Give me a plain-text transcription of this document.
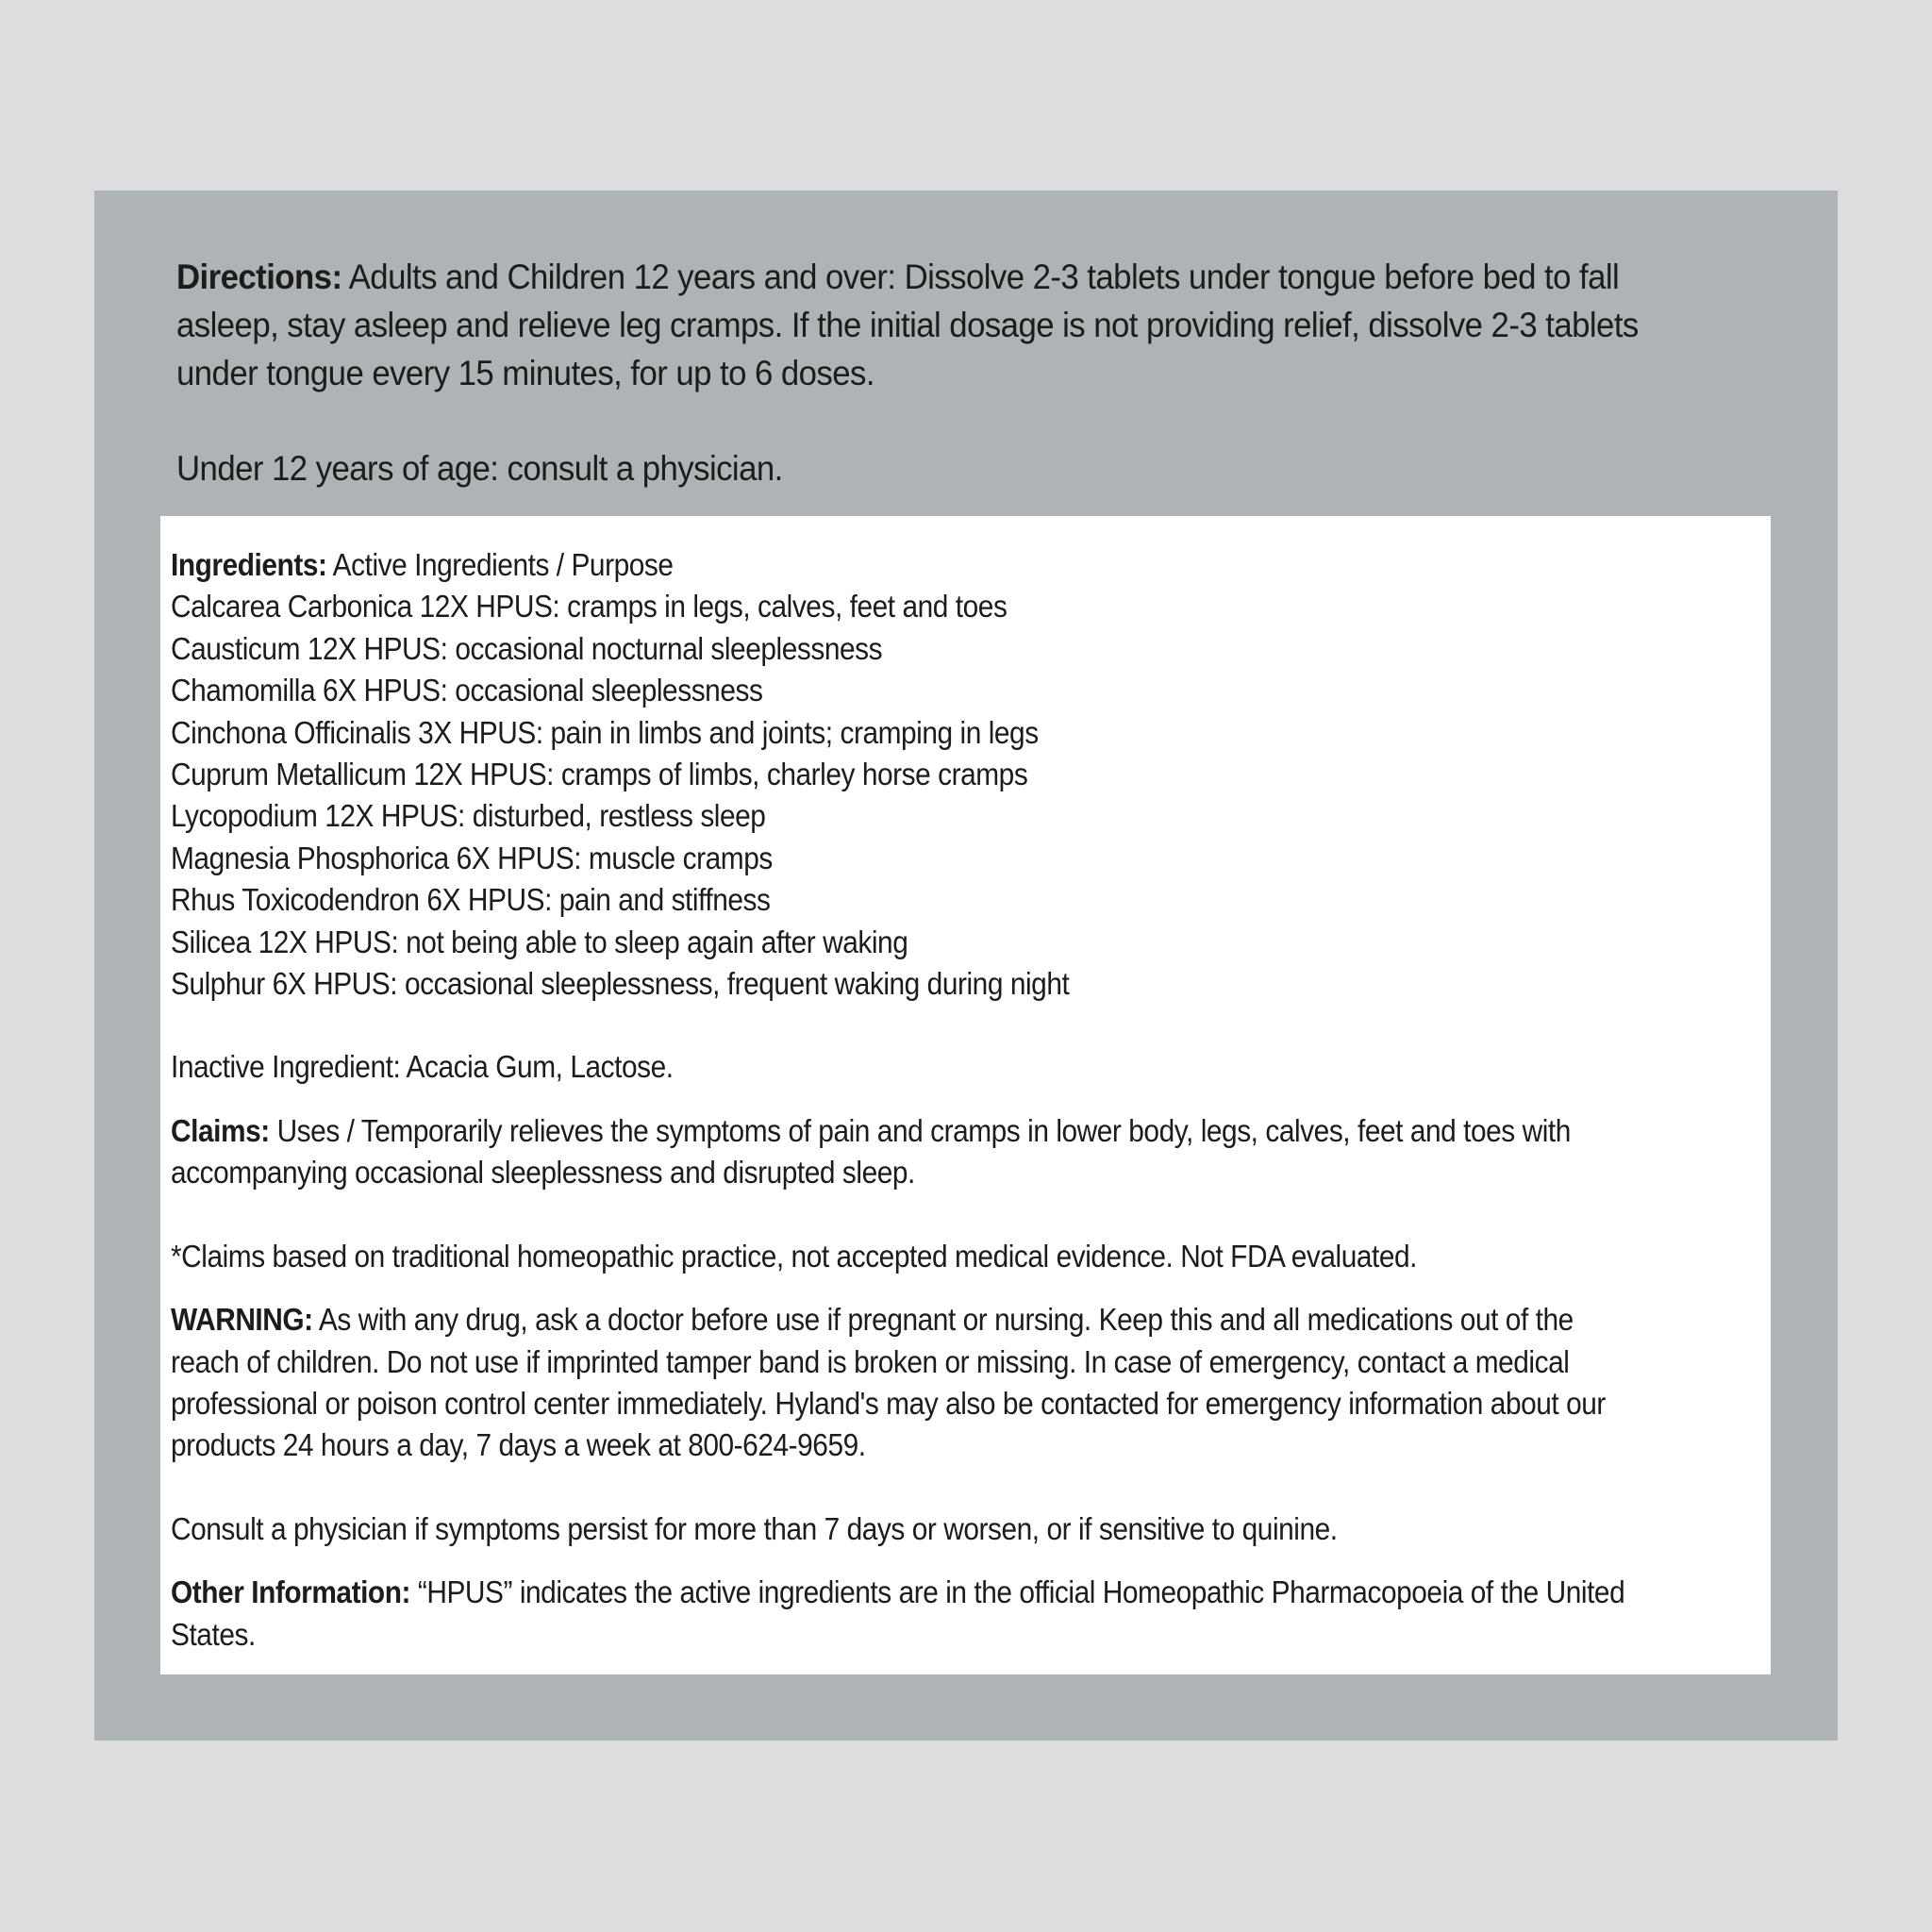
Directions: Adults and Children 12 years and over: Dissolve 2-3 tablets under tongue before bed to fall asleep, stay asleep and relieve leg cramps. If the initial dosage is not providing relief, dissolve 2-3 tablets under tongue every 15 minutes, for up to 6 doses.

Under 12 years of age: consult a physician.

Ingredients: Active Ingredients / Purpose

Calcarea Carbonica 12X HPUS: cramps in legs, calves, feet and toes
Causticum 12X HPUS: occasional nocturnal sleeplessness
Chamomilla 6X HPUS: occasional sleeplessness
Cinchona Officinalis 3X HPUS: pain in limbs and joints; cramping in legs
Cuprum Metallicum 12X HPUS: cramps of limbs, charley horse cramps
Lycopodium 12X HPUS: disturbed, restless sleep
Magnesia Phosphorica 6X HPUS: muscle cramps
Rhus Toxicodendron 6X HPUS: pain and stiffness
Silicea 12X HPUS: not being able to sleep again after waking
Sulphur 6X HPUS: occasional sleeplessness, frequent waking during night

Inactive Ingredient: Acacia Gum, Lactose.

Claims: Uses / Temporarily relieves the symptoms of pain and cramps in lower body, legs, calves, feet and toes with accompanying occasional sleeplessness and disrupted sleep.

*Claims based on traditional homeopathic practice, not accepted medical evidence. Not FDA evaluated.

WARNING: As with any drug, ask a doctor before use if pregnant or nursing. Keep this and all medications out of the reach of children. Do not use if imprinted tamper band is broken or missing. In case of emergency, contact a medical professional or poison control center immediately. Hyland's may also be contacted for emergency information about our products 24 hours a day, 7 days a week at 800-624-9659.

Consult a physician if symptoms persist for more than 7 days or worsen, or if sensitive to quinine.

Other Information: “HPUS” indicates the active ingredients are in the official Homeopathic Pharmacopoeia of the United States.
